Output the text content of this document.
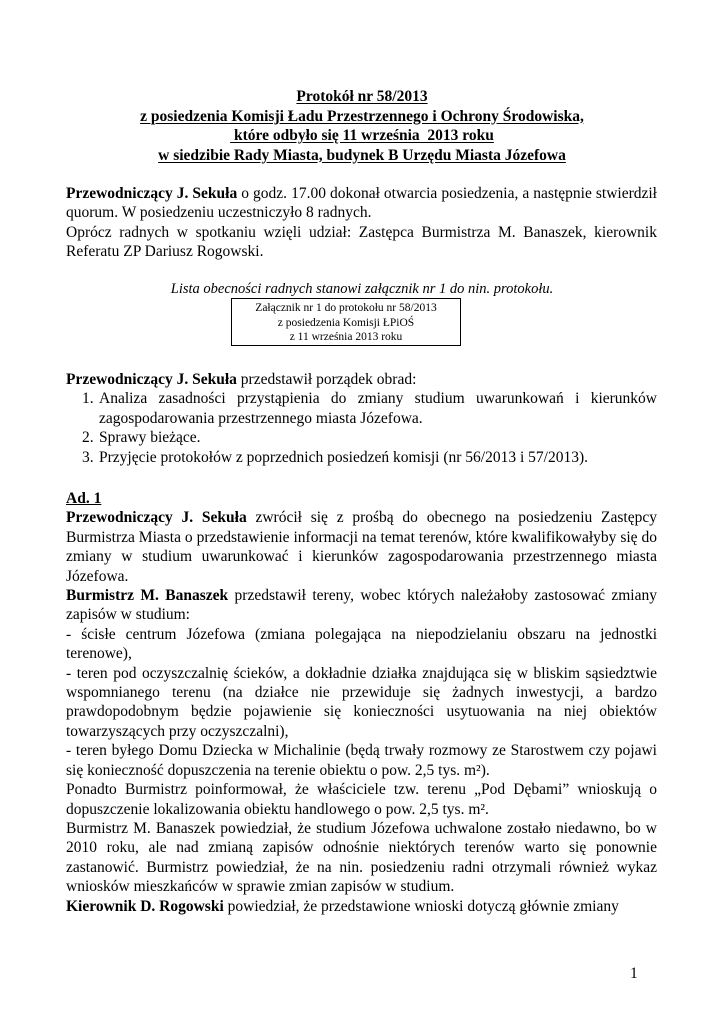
Protokół nr 58/2013
z posiedzenia Komisji Ładu Przestrzennego i Ochrony Środowiska,
które odbyło się 11 września  2013 roku
w siedzibie Rady Miasta, budynek B Urzędu Miasta Józefowa

Przewodniczący J. Sekuła o godz. 17.00 dokonał otwarcia posiedzenia, a następnie stwierdził quorum. W posiedzeniu uczestniczyło 8 radnych.

Oprócz radnych w spotkaniu wzięli udział: Zastępca Burmistrza M. Banaszek, kierownik Referatu ZP Dariusz Rogowski.

Lista obecności radnych stanowi załącznik nr 1 do nin. protokołu.
Załącznik nr 1 do protokołu nr 58/2013
z posiedzenia Komisji ŁPiOŚ
z 11 września 2013 roku

Przewodniczący J. Sekuła przedstawił porządek obrad:

1. Analiza zasadności przystąpienia do zmiany studium uwarunkowań i kierunków zagospodarowania przestrzennego miasta Józefowa.
2. Sprawy bieżące.
3. Przyjęcie protokołów z poprzednich posiedzeń komisji (nr 56/2013 i 57/2013).

Ad. 1

Przewodniczący J. Sekuła zwrócił się z prośbą do obecnego na posiedzeniu Zastępcy Burmistrza Miasta o przedstawienie informacji na temat terenów, które kwalifikowałyby się do zmiany w studium uwarunkować i kierunków zagospodarowania przestrzennego miasta Józefowa.

Burmistrz M. Banaszek przedstawił tereny, wobec których należałoby zastosować zmiany zapisów w studium:

- ścisłe centrum Józefowa (zmiana polegająca na niepodzielaniu obszaru na jednostki terenowe),

- teren pod oczyszczalnię ścieków, a dokładnie działka znajdująca się w bliskim sąsiedztwie wspomnianego terenu (na działce nie przewiduje się żadnych inwestycji, a bardzo prawdopodobnym będzie pojawienie się konieczności usytuowania na niej obiektów towarzyszących przy oczyszczalni),

- teren byłego Domu Dziecka w Michalinie (będą trwały rozmowy ze Starostwem czy pojawi się konieczność dopuszczenia na terenie obiektu o pow. 2,5 tys. m²).

Ponadto Burmistrz poinformował, że właściciele tzw. terenu „Pod Dębami” wnioskują o dopuszczenie lokalizowania obiektu handlowego o pow. 2,5 tys. m².

Burmistrz M. Banaszek powiedział, że studium Józefowa uchwalone zostało niedawno, bo w 2010 roku, ale nad zmianą zapisów odnośnie niektórych terenów warto się ponownie zastanowić. Burmistrz powiedział, że na nin. posiedzeniu radni otrzymali również wykaz wniosków mieszkańców w sprawie zmian zapisów w studium.

Kierownik D. Rogowski powiedział, że przedstawione wnioski dotyczą głównie zmiany

1
